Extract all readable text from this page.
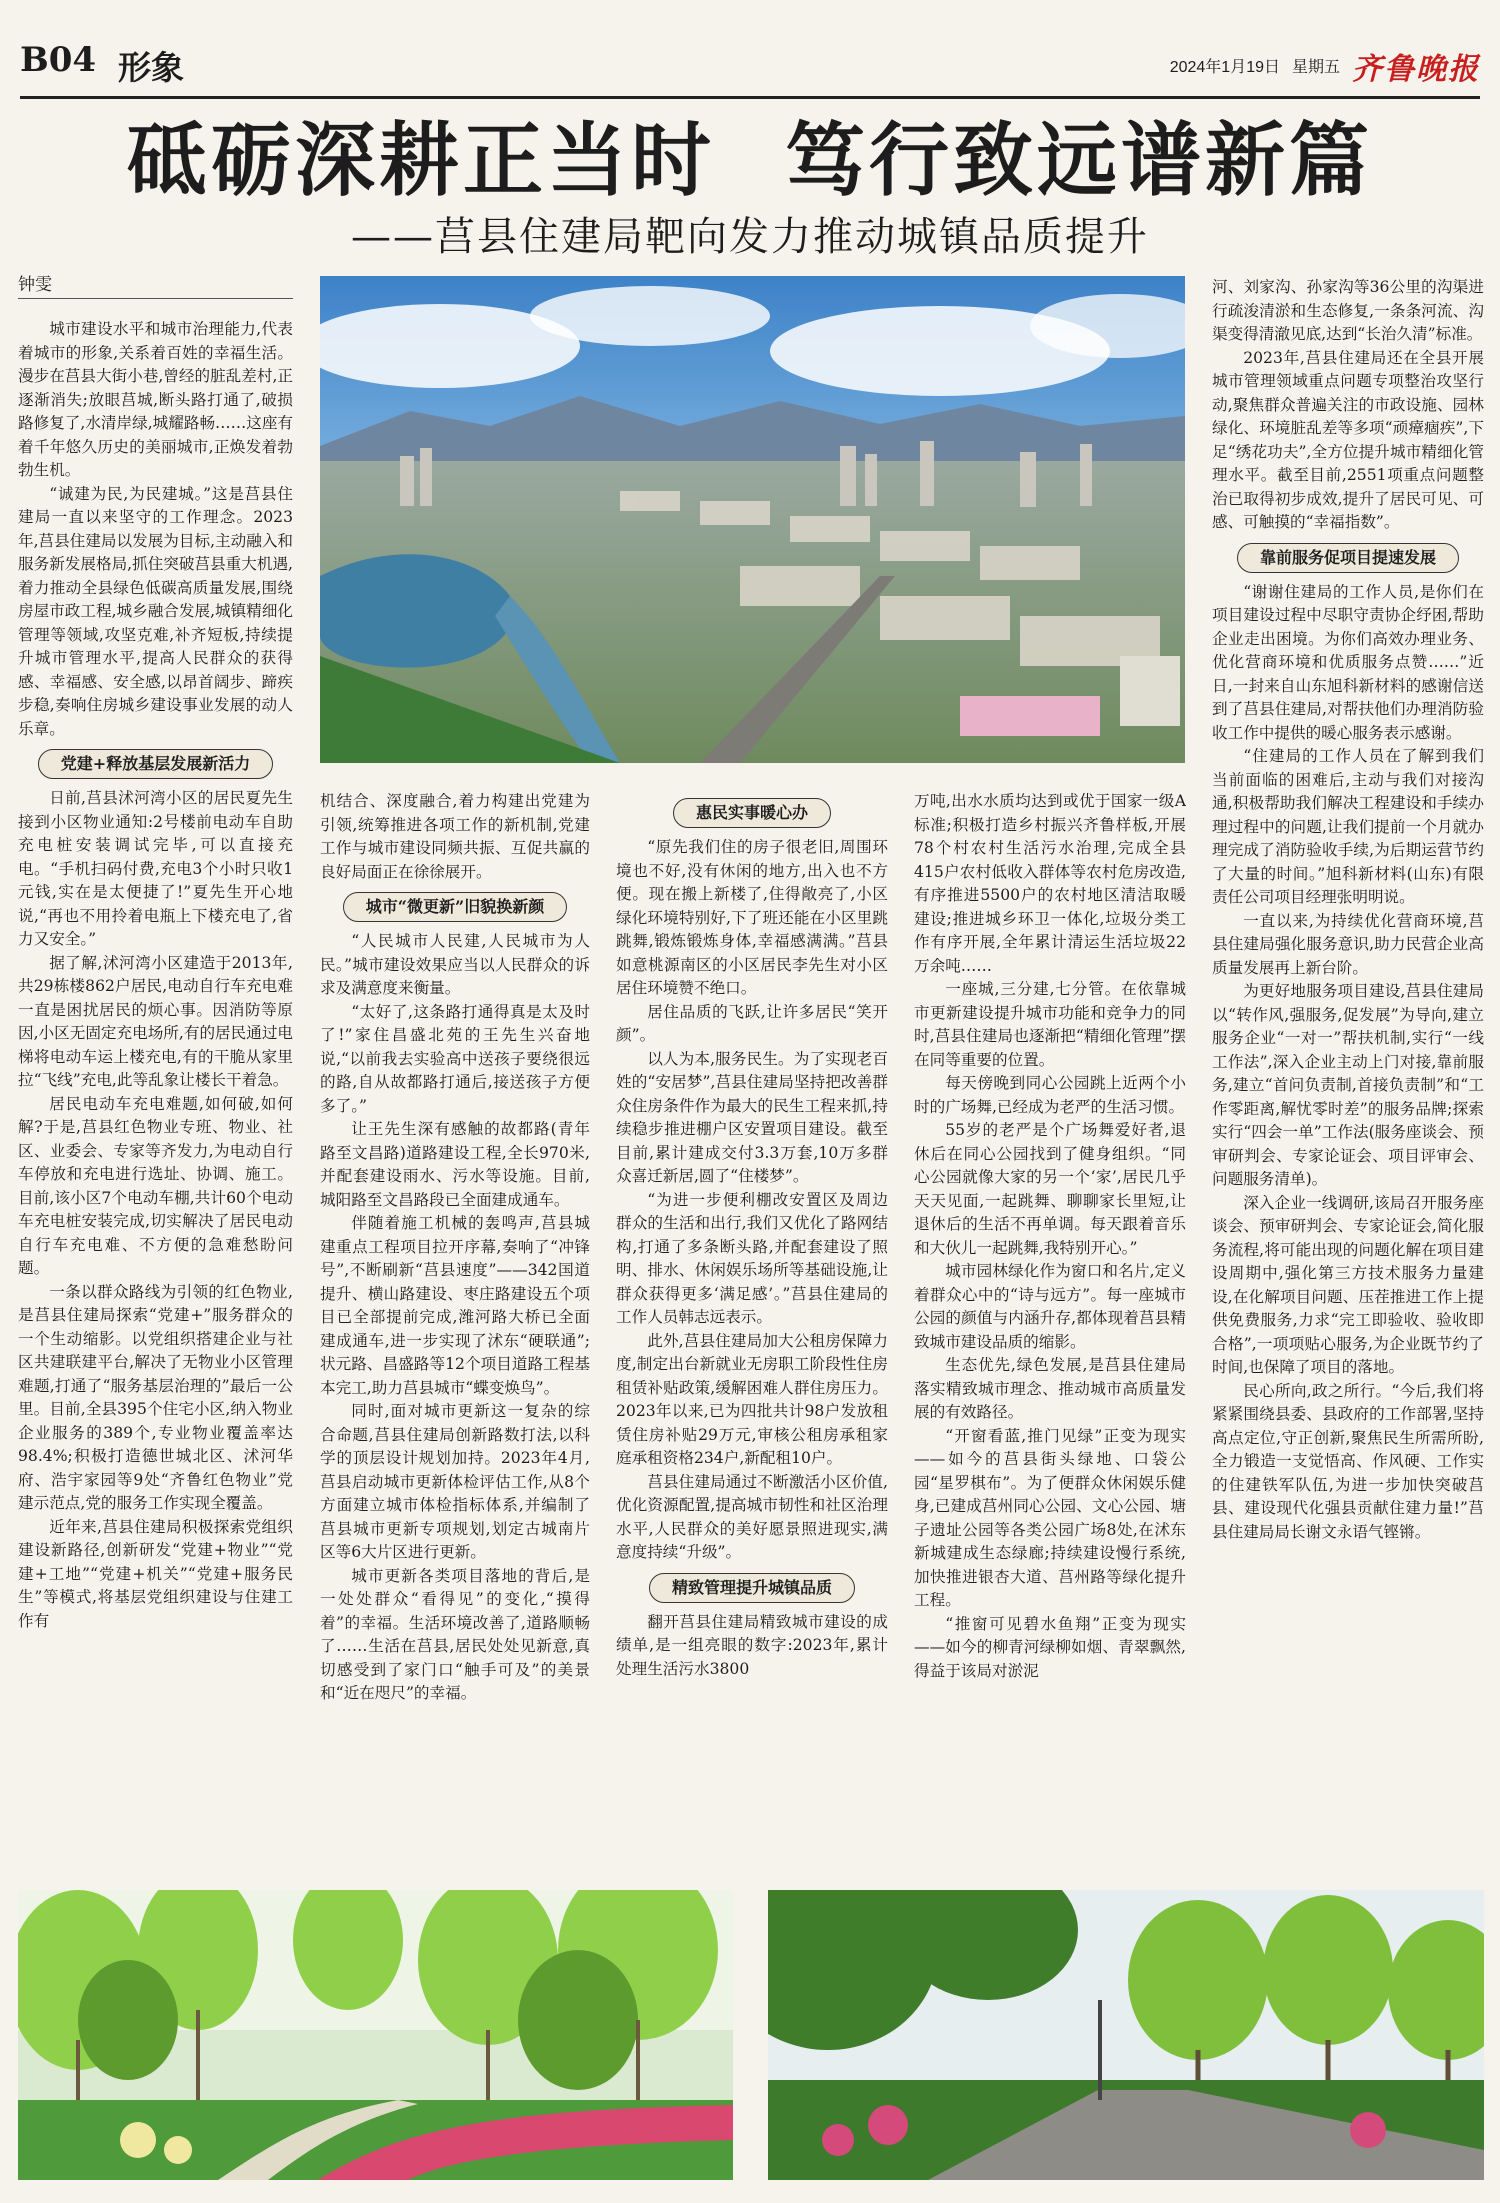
B04 形象	2024年1月19日 星期五 齐鲁晚报
砥砺深耕正当时 笃行致远谱新篇
——莒县住建局靶向发力推动城镇品质提升
钟雯

城市建设水平和城市治理能力,代表着城市的形象,关系着百姓的幸福生活。漫步在莒县大街小巷,曾经的脏乱差村,正逐渐消失;放眼莒城,断头路打通了,破损路修复了,水清岸绿,城耀路畅……这座有着千年悠久历史的美丽城市,正焕发着勃勃生机。

“诚建为民,为民建城。”这是莒县住建局一直以来坚守的工作理念。2023年,莒县住建局以发展为目标,主动融入和服务新发展格局,抓住突破莒县重大机遇,着力推动全县绿色低碳高质量发展,围绕房屋市政工程,城乡融合发展,城镇精细化管理等领域,攻坚克难,补齐短板,持续提升城市管理水平,提高人民群众的获得感、幸福感、安全感,以昂首阔步、蹄疾步稳,奏响住房城乡建设事业发展的动人乐章。

党建+释放基层发展新活力

日前,莒县沭河湾小区的居民夏先生接到小区物业通知:2号楼前电动车自助充电桩安装调试完毕,可以直接充电。“手机扫码付费,充电3个小时只收1元钱,实在是太便捷了!”夏先生开心地说,“再也不用拎着电瓶上下楼充电了,省力又安全。”

据了解,沭河湾小区建造于2013年,共29栋楼862户居民,电动自行车充电难一直是困扰居民的烦心事。因消防等原因,小区无固定充电场所,有的居民通过电梯将电动车运上楼充电,有的干脆从家里拉“飞线”充电,此等乱象让楼长干着急。

居民电动车充电难题,如何破,如何解?于是,莒县红色物业专班、物业、社区、业委会、专家等齐发力,为电动自行车停放和充电进行选址、协调、施工。目前,该小区7个电动车棚,共计60个电动车充电桩安装完成,切实解决了居民电动自行车充电难、不方便的急难愁盼问题。

一条以群众路线为引领的红色物业,是莒县住建局探索“党建+”服务群众的一个生动缩影。以党组织搭建企业与社区共建联建平台,解决了无物业小区管理难题,打通了“服务基层治理的”最后一公里。目前,全县395个住宅小区,纳入物业企业服务的389个,专业物业覆盖率达98.4%;积极打造德世城北区、沭河华府、浩宇家园等9处“齐鲁红色物业”党建示范点,党的服务工作实现全覆盖。

近年来,莒县住建局积极探索党组织建设新路径,创新研发“党建+物业”“党建+工地”“党建+机关”“党建+服务民生”等模式,将基层党组织建设与住建工作有

机结合、深度融合,着力构建出党建为引领,统筹推进各项工作的新机制,党建工作与城市建设同频共振、互促共赢的良好局面正在徐徐展开。

城市“微更新”旧貌换新颜

“人民城市人民建,人民城市为人民。”城市建设效果应当以人民群众的诉求及满意度来衡量。

“太好了,这条路打通得真是太及时了!”家住昌盛北苑的王先生兴奋地说,“以前我去实验高中送孩子要绕很远的路,自从故都路打通后,接送孩子方便多了。”

让王先生深有感触的故都路(青年路至文昌路)道路建设工程,全长970米,并配套建设雨水、污水等设施。目前,城阳路至文昌路段已全面建成通车。

伴随着施工机械的轰鸣声,莒县城建重点工程项目拉开序幕,奏响了“冲锋号”,不断刷新“莒县速度”——342国道提升、横山路建设、枣庄路建设五个项目已全部提前完成,潍河路大桥已全面建成通车,进一步实现了沭东“硬联通”;状元路、昌盛路等12个项目道路工程基本完工,助力莒县城市“蝶变焕鸟”。

同时,面对城市更新这一复杂的综合命题,莒县住建局创新路数打法,以科学的顶层设计规划加持。2023年4月,莒县启动城市更新体检评估工作,从8个方面建立城市体检指标体系,并编制了莒县城市更新专项规划,划定古城南片区等6大片区进行更新。

城市更新各类项目落地的背后,是一处处群众“看得见”的变化,“摸得着”的幸福。生活环境改善了,道路顺畅了……生活在莒县,居民处处见新意,真切感受到了家门口“触手可及”的美景和“近在咫尺”的幸福。

惠民实事暖心办

“原先我们住的房子很老旧,周围环境也不好,没有休闲的地方,出入也不方便。现在搬上新楼了,住得敞亮了,小区绿化环境特别好,下了班还能在小区里跳跳舞,锻炼锻炼身体,幸福感满满。”莒县如意桃源南区的小区居民李先生对小区居住环境赞不绝口。

居住品质的飞跃,让许多居民“笑开颜”。

以人为本,服务民生。为了实现老百姓的“安居梦”,莒县住建局坚持把改善群众住房条件作为最大的民生工程来抓,持续稳步推进棚户区安置项目建设。截至目前,累计建成交付3.3万套,10万多群众喜迁新居,圆了“住楼梦”。

“为进一步便利棚改安置区及周边群众的生活和出行,我们又优化了路网结构,打通了多条断头路,并配套建设了照明、排水、休闲娱乐场所等基础设施,让群众获得更多‘满足感’。”莒县住建局的工作人员韩志远表示。

此外,莒县住建局加大公租房保障力度,制定出台新就业无房职工阶段性住房租赁补贴政策,缓解困难人群住房压力。2023年以来,已为四批共计98户发放租赁住房补贴29万元,审核公租房承租家庭承租资格234户,新配租10户。

莒县住建局通过不断激活小区价值,优化资源配置,提高城市韧性和社区治理水平,人民群众的美好愿景照进现实,满意度持续“升级”。

精致管理提升城镇品质

翻开莒县住建局精致城市建设的成绩单,是一组亮眼的数字:2023年,累计处理生活污水3800

万吨,出水水质均达到或优于国家一级A标准;积极打造乡村振兴齐鲁样板,开展78个村农村生活污水治理,完成全县415户农村低收入群体等农村危房改造,有序推进5500户的农村地区清洁取暖建设;推进城乡环卫一体化,垃圾分类工作有序开展,全年累计清运生活垃圾22万余吨……

一座城,三分建,七分管。在依靠城市更新建设提升城市功能和竞争力的同时,莒县住建局也逐渐把“精细化管理”摆在同等重要的位置。

每天傍晚到同心公园跳上近两个小时的广场舞,已经成为老严的生活习惯。

55岁的老严是个广场舞爱好者,退休后在同心公园找到了健身组织。“同心公园就像大家的另一个‘家’,居民几乎天天见面,一起跳舞、聊聊家长里短,让退休后的生活不再单调。每天跟着音乐和大伙儿一起跳舞,我特别开心。”

城市园林绿化作为窗口和名片,定义着群众心中的“诗与远方”。每一座城市公园的颜值与内涵升存,都体现着莒县精致城市建设品质的缩影。

生态优先,绿色发展,是莒县住建局落实精致城市理念、推动城市高质量发展的有效路径。

“开窗看蓝,推门见绿”正变为现实——如今的莒县街头绿地、口袋公园“星罗棋布”。为了便群众休闲娱乐健身,已建成莒州同心公园、文心公园、塘子遗址公园等各类公园广场8处,在沭东新城建成生态绿廊;持续建设慢行系统,加快推进银杏大道、莒州路等绿化提升工程。

“推窗可见碧水鱼翔”正变为现实——如今的柳青河绿柳如烟、青翠飘然,得益于该局对淤泥

河、刘家沟、孙家沟等36公里的沟渠进行疏浚清淤和生态修复,一条条河流、沟渠变得清澈见底,达到“长治久清”标准。

2023年,莒县住建局还在全县开展城市管理领域重点问题专项整治攻坚行动,聚焦群众普遍关注的市政设施、园林绿化、环境脏乱差等多项“顽瘴痼疾”,下足“绣花功夫”,全方位提升城市精细化管理水平。截至目前,2551项重点问题整治已取得初步成效,提升了居民可见、可感、可触摸的“幸福指数”。

靠前服务促项目提速发展

“谢谢住建局的工作人员,是你们在项目建设过程中尽职守责协企纾困,帮助企业走出困境。为你们高效办理业务、优化营商环境和优质服务点赞……”近日,一封来自山东旭科新材料的感谢信送到了莒县住建局,对帮扶他们办理消防验收工作中提供的暖心服务表示感谢。

“住建局的工作人员在了解到我们当前面临的困难后,主动与我们对接沟通,积极帮助我们解决工程建设和手续办理过程中的问题,让我们提前一个月就办理完成了消防验收手续,为后期运营节约了大量的时间。”旭科新材料(山东)有限责任公司项目经理张明明说。

一直以来,为持续优化营商环境,莒县住建局强化服务意识,助力民营企业高质量发展再上新台阶。

为更好地服务项目建设,莒县住建局以“转作风,强服务,促发展”为导向,建立服务企业“一对一”帮扶机制,实行“一线工作法”,深入企业主动上门对接,靠前服务,建立“首问负责制,首接负责制”和“工作零距离,解忧零时差”的服务品牌;探索实行“四会一单”工作法(服务座谈会、预审研判会、专家论证会、项目评审会、问题服务清单)。

深入企业一线调研,该局召开服务座谈会、预审研判会、专家论证会,简化服务流程,将可能出现的问题化解在项目建设周期中,强化第三方技术服务力量建设,在化解项目问题、压茬推进工作上提供免费服务,力求“完工即验收、验收即合格”,一项项贴心服务,为企业既节约了时间,也保障了项目的落地。

民心所向,政之所行。“今后,我们将紧紧围绕县委、县政府的工作部署,坚持高点定位,守正创新,聚焦民生所需所盼,全力锻造一支觉悟高、作风硬、工作实的住建铁军队伍,为进一步加快突破莒县、建设现代化强县贡献住建力量!”莒县住建局局长谢文永语气铿锵。
